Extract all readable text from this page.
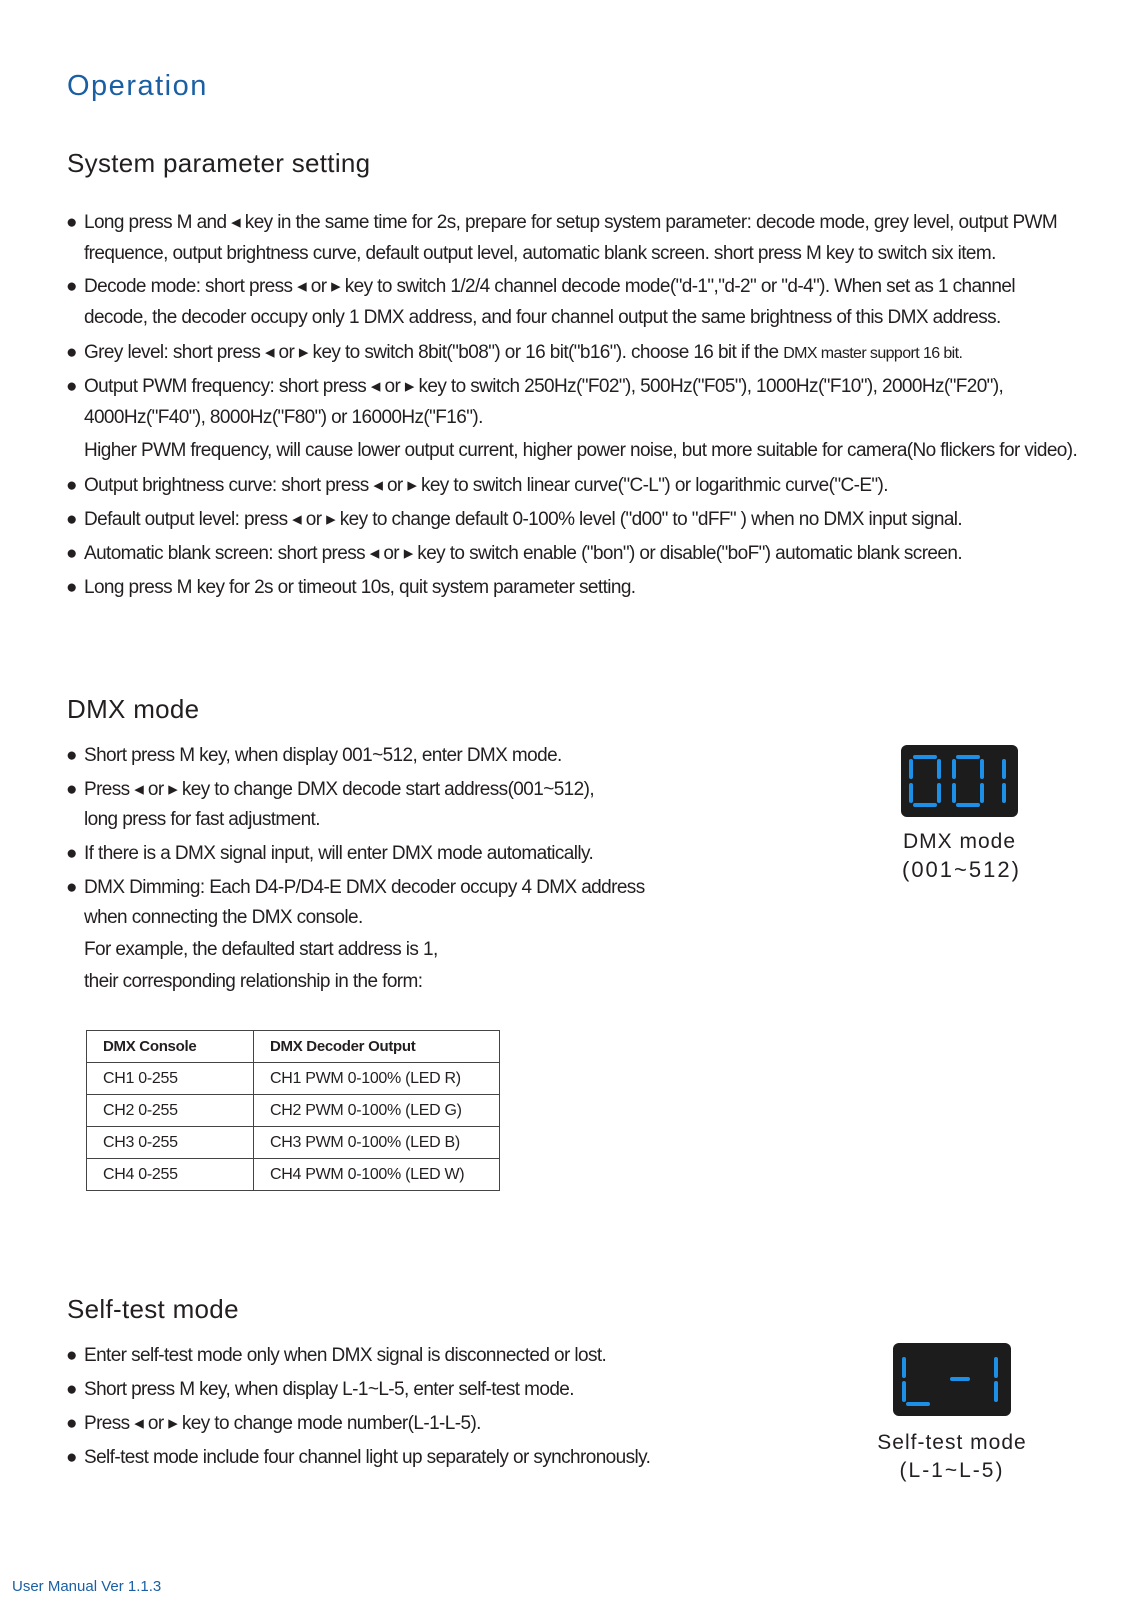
Operation
System parameter setting
● Long press M and ◂ key in the same time for 2s, prepare for setup system parameter: decode mode, grey level, output PWM
frequence, output brightness curve, default output level, automatic blank screen. short press M key to switch six item.
● Decode mode: short press ◂ or ▸ key to switch 1/2/4 channel decode mode("d-1","d-2" or "d-4"). When set as 1 channel
decode, the decoder occupy only 1 DMX address, and four channel output the same brightness of this DMX address.
● Grey level: short press ◂ or ▸ key to switch 8bit("b08") or 16 bit("b16"). choose 16 bit if the DMX master support 16 bit.
● Output PWM frequency: short press ◂ or ▸ key to switch 250Hz("F02"), 500Hz("F05"), 1000Hz("F10"), 2000Hz("F20"),
4000Hz("F40"), 8000Hz("F80") or 16000Hz("F16").
Higher PWM frequency, will cause lower output current, higher power noise, but more suitable for camera(No flickers for video).
● Output brightness curve: short press ◂ or ▸ key to switch linear curve("C-L") or logarithmic curve("C-E").
● Default output level: press ◂ or ▸ key to change default 0-100% level ("d00" to "dFF" ) when no DMX input signal.
● Automatic blank screen: short press ◂ or ▸ key to switch enable ("bon") or disable("boF") automatic blank screen.
● Long press M key for 2s or timeout 10s, quit system parameter setting.
DMX mode
● Short press M key, when display 001~512, enter DMX mode.
● Press ◂ or ▸ key to change DMX decode start address(001~512),
long press for fast adjustment.
● If there is a DMX signal input, will enter DMX mode automatically.
● DMX Dimming: Each D4-P/D4-E DMX decoder occupy 4 DMX address
when connecting the DMX console.
For example, the defaulted start address is 1,
their corresponding relationship in the form:
DMX Console	DMX Decoder Output
CH1 0-255	CH1 PWM 0-100% (LED R)
CH2 0-255	CH2 PWM 0-100% (LED G)
CH3 0-255	CH3 PWM 0-100% (LED B)
CH4 0-255	CH4 PWM 0-100% (LED W)
DMX mode
(001~512)
Self-test mode
● Enter self-test mode only when DMX signal is disconnected or lost.
● Short press M key, when display L-1~L-5, enter self-test mode.
● Press ◂ or ▸ key to change mode number(L-1-L-5).
● Self-test mode include four channel light up separately or synchronously.
Self-test mode
(L-1~L-5)
User Manual Ver 1.1.3
